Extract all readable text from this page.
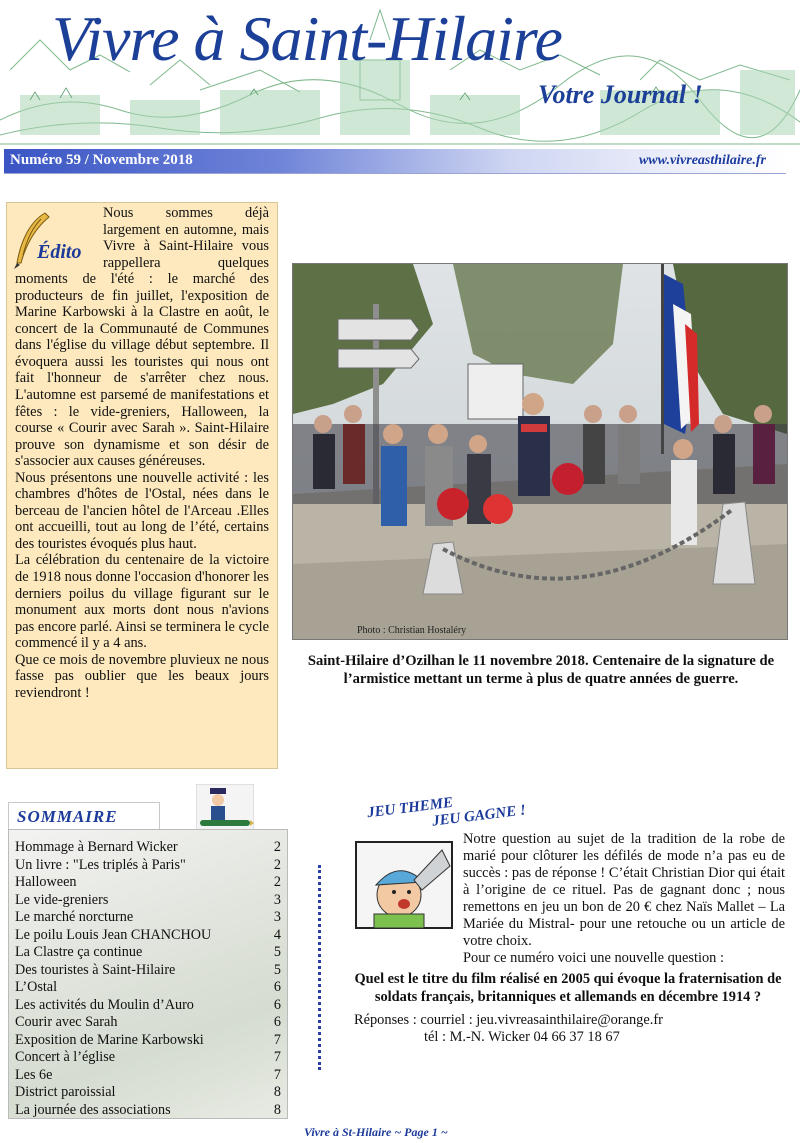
Vivre à Saint-Hilaire
Votre Journal !
Numéro 59 / Novembre 2018	www.vivreasthilaire.fr
Édito
Nous sommes déjà largement en automne, mais Vivre à Saint-Hilaire vous rappellera quelques moments de l'été : le marché des producteurs de fin juillet, l'exposition de Marine Karbowski à la Clastre en août, le concert de la Communauté de Communes dans l'église du village début septembre. Il évoquera aussi les touristes qui nous ont fait l'honneur de s'arrêter chez nous. L'automne est parsemé de manifestations et fêtes : le vide-greniers, Halloween, la course « Courir avec Sarah ». Saint-Hilaire prouve son dynamisme et son désir de s'associer aux causes généreuses.
Nous présentons une nouvelle activité : les chambres d'hôtes de l'Ostal, nées dans le berceau de l'ancien hôtel de l'Arceau .Elles ont accueilli, tout au long de l’été, certains des touristes évoqués plus haut.
La célébration du centenaire de la victoire de 1918 nous donne l'occasion d'honorer les derniers poilus du village figurant sur le monument aux morts dont nous n'avions pas encore parlé. Ainsi se terminera le cycle commencé il y a 4 ans.
Que ce mois de novembre pluvieux ne nous fasse pas oublier que les beaux jours reviendront !
Photo : Christian Hostaléry
Saint-Hilaire d’Ozilhan le 11 novembre 2018. Centenaire de la signature de l’armistice mettant un terme à plus de quatre années de guerre.
SOMMAIRE
Hommage à Bernard Wicker	2
Un livre : "Les triplés à Paris"	2
Halloween	2
Le vide-greniers	3
Le marché norcturne	3
Le poilu Louis Jean CHANCHOU	4
La Clastre ça continue	5
Des touristes à Saint-Hilaire	5
L’Ostal	6
Les activités du Moulin d’Auro	6
Courir avec Sarah	6
Exposition de Marine Karbowski	7
Concert à l’église	7
Les 6e	7
District paroissial	8
La journée des associations	8
JEU THEME
JEU GAGNE !
Notre question au sujet de la tradition de la robe de marié pour clôturer les défilés de mode n’a pas eu de succès : pas de réponse ! C’était Christian Dior qui était à l’origine de ce rituel. Pas de gagnant donc ; nous remettons en jeu un bon de 20 € chez Naïs Mallet – La Mariée du Mistral- pour une retouche ou un article de votre choix.
Pour ce numéro voici une nouvelle question :
Quel est le titre du film réalisé en 2005 qui évoque la fraternisation de soldats français, britanniques et allemands en décembre 1914 ?
Réponses : courriel : jeu.vivreasainthilaire@orange.fr
tél : M.-N. Wicker 04 66 37 18 67
Vivre à St-Hilaire ~ Page 1 ~
